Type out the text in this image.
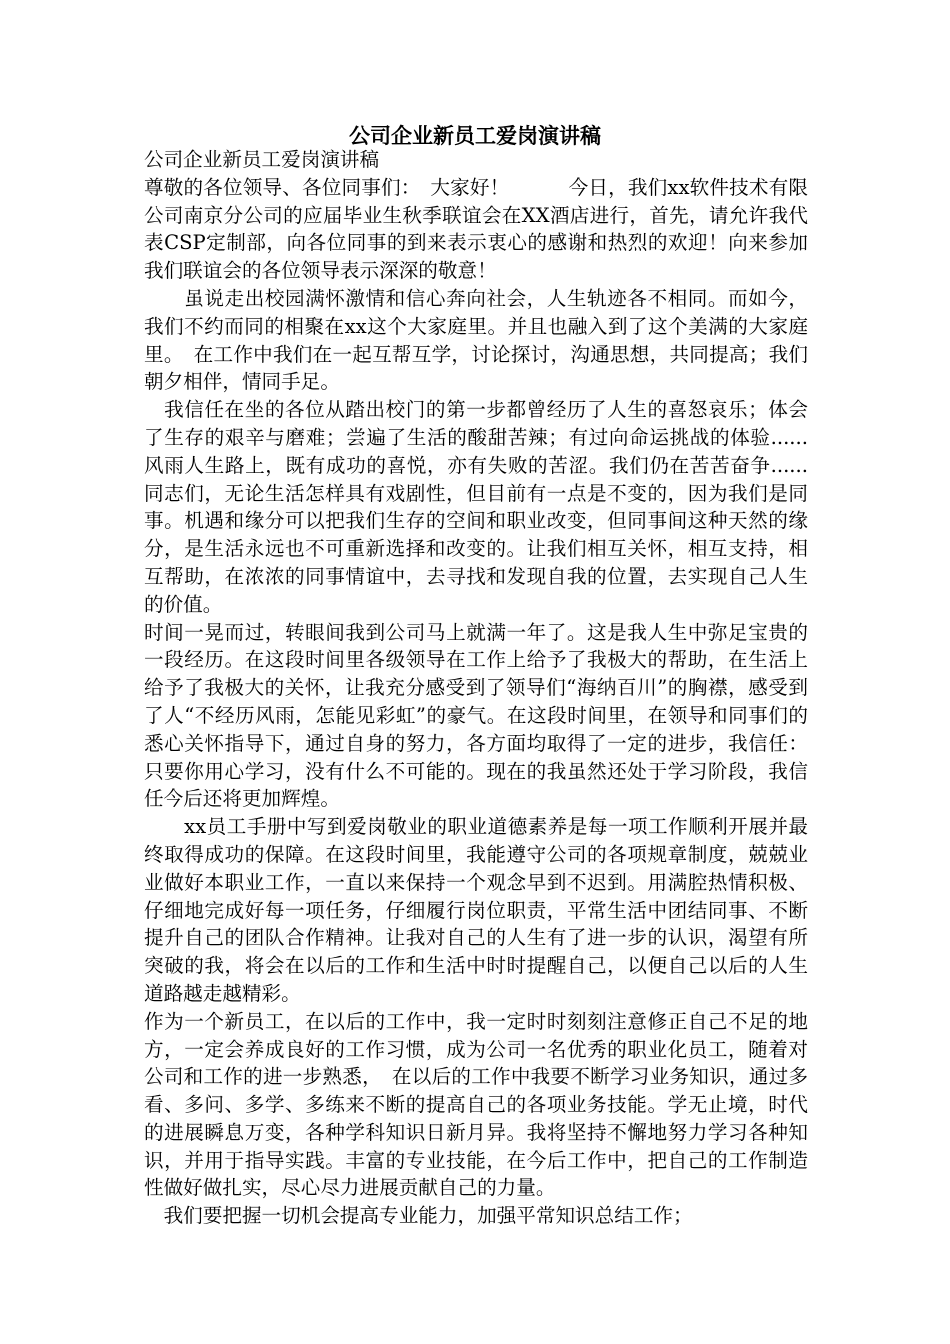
公司企业新员工爱岗演讲稿

公司企业新员工爱岗演讲稿

尊敬的各位领导、各位同事们：　大家好！　　　今日，我们xx软件技术有限公司南京分公司的应届毕业生秋季联谊会在XX酒店进行，首先，请允许我代表CSP定制部，向各位同事的到来表示衷心的感谢和热烈的欢迎！向来参加我们联谊会的各位领导表示深深的敬意！

　　虽说走出校园满怀激情和信心奔向社会，人生轨迹各不相同。而如今，我们不约而同的相聚在xx这个大家庭里。并且也融入到了这个美满的大家庭里。　在工作中我们在一起互帮互学，讨论探讨，沟通思想，共同提高；我们朝夕相伴，情同手足。

　我信任在坐的各位从踏出校门的第一步都曾经历了人生的喜怒哀乐；体会了生存的艰辛与磨难；尝遍了生活的酸甜苦辣；有过向命运挑战的体验......风雨人生路上，既有成功的喜悦，亦有失败的苦涩。我们仍在苦苦奋争......同志们，无论生活怎样具有戏剧性，但目前有一点是不变的，因为我们是同事。机遇和缘分可以把我们生存的空间和职业改变，但同事间这种天然的缘分，是生活永远也不可重新选择和改变的。让我们相互关怀，相互支持，相互帮助，在浓浓的同事情谊中，去寻找和发现自我的位置，去实现自己人生的价值。

时间一晃而过，转眼间我到公司马上就满一年了。这是我人生中弥足宝贵的一段经历。在这段时间里各级领导在工作上给予了我极大的帮助，在生活上给予了我极大的关怀，让我充分感受到了领导们“海纳百川”的胸襟，感受到了人“不经历风雨，怎能见彩虹”的豪气。在这段时间里，在领导和同事们的悉心关怀指导下，通过自身的努力，各方面均取得了一定的进步，我信任：只要你用心学习，没有什么不可能的。现在的我虽然还处于学习阶段，我信任今后还将更加辉煌。

　　xx员工手册中写到爱岗敬业的职业道德素养是每一项工作顺利开展并最终取得成功的保障。在这段时间里，我能遵守公司的各项规章制度，兢兢业业做好本职业工作，一直以来保持一个观念早到不迟到。用满腔热情积极、仔细地完成好每一项任务，仔细履行岗位职责，平常生活中团结同事、不断提升自己的团队合作精神。让我对自己的人生有了进一步的认识，渴望有所突破的我，将会在以后的工作和生活中时时提醒自己，以便自己以后的人生道路越走越精彩。

作为一个新员工，在以后的工作中，我一定时时刻刻注意修正自己不足的地方，一定会养成良好的工作习惯，成为公司一名优秀的职业化员工，随着对公司和工作的进一步熟悉，　在以后的工作中我要不断学习业务知识，通过多看、多问、多学、多练来不断的提高自己的各项业务技能。学无止境，时代的进展瞬息万变，各种学科知识日新月异。我将坚持不懈地努力学习各种知识，并用于指导实践。丰富的专业技能，在今后工作中，把自己的工作制造性做好做扎实，尽心尽力进展贡献自己的力量。

　我们要把握一切机会提高专业能力，加强平常知识总结工作；
